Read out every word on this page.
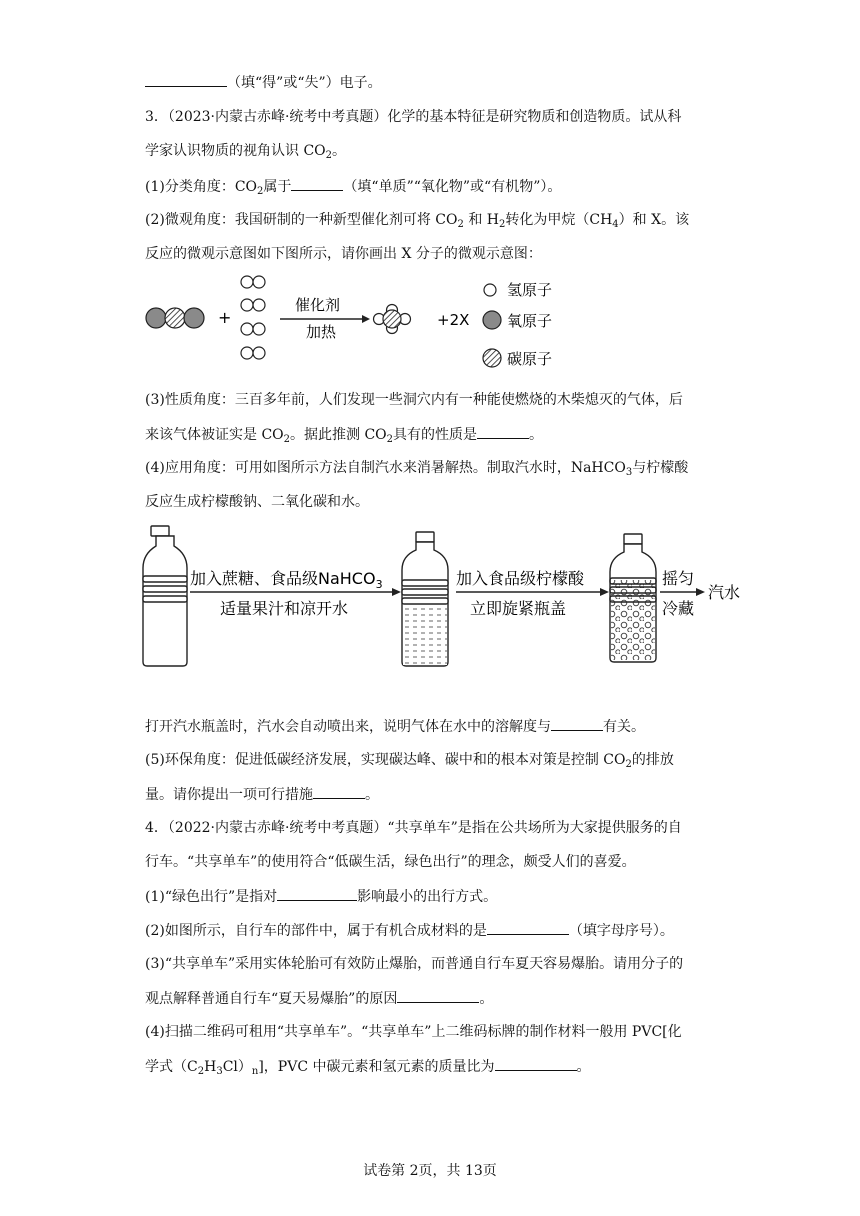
（填“得”或“失”）电子。
3．（2023·内蒙古赤峰·统考中考真题）化学的基本特征是研究物质和创造物质。试从科
学家认识物质的视角认识 $CO_2$。
(1)分类角度：$CO_2$属于	（填“单质”“氧化物”或“有机物”）。
(2)微观角度：我国研制的一种新型催化剂可将 $CO_2$ 和 $H_2$转化为甲烷$(CH_4)$和 X。该
反应的微观示意图如下图所示，请你画出 X 分子的微观示意图：
+
催化剂
加热
+2X
氢原子
氧原子
碳原子
(3)性质角度：三百多年前，人们发现一些洞穴内有一种能使燃烧的木柴熄灭的气体，后
来该气体被证实是 $CO_2$。据此推测 $CO_2$具有的性质是	。
(4)应用角度：可用如图所示方法自制汽水来消暑解热。制取汽水时，NaHCO$_3$与柠檬酸
反应生成柠檬酸钠、二氧化碳和水。
加入蔗糖、食品级NaHCO$_3$
适量果汁和凉开水
加入食品级柠檬酸
立即旋紧瓶盖
摇匀
冷藏
汽水
打开汽水瓶盖时，汽水会自动喷出来，说明气体在水中的溶解度与	有关。
(5)环保角度：促进低碳经济发展，实现碳达峰、碳中和的根本对策是控制 $CO_2$的排放
量。请你提出一项可行措施	。
4．（2022·内蒙古赤峰·统考中考真题）“共享单车”是指在公共场所为大家提供服务的自
行车。“共享单车”的使用符合“低碳生活，绿色出行”的理念，颇受人们的喜爱。
(1)“绿色出行”是指对	影响最小的出行方式。
(2)如图所示，自行车的部件中，属于有机合成材料的是	（填字母序号）。
(3)“共享单车”采用实体轮胎可有效防止爆胎，而普通自行车夏天容易爆胎。请用分子的
观点解释普通自行车“夏天易爆胎”的原因	。
(4)扫描二维码可租用“共享单车”。“共享单车”上二维码标牌的制作材料一般用 PVC[化
学式$(C_2H_3Cl)_n$]，PVC 中碳元素和氢元素的质量比为	。
试卷第 2页，共 13页
